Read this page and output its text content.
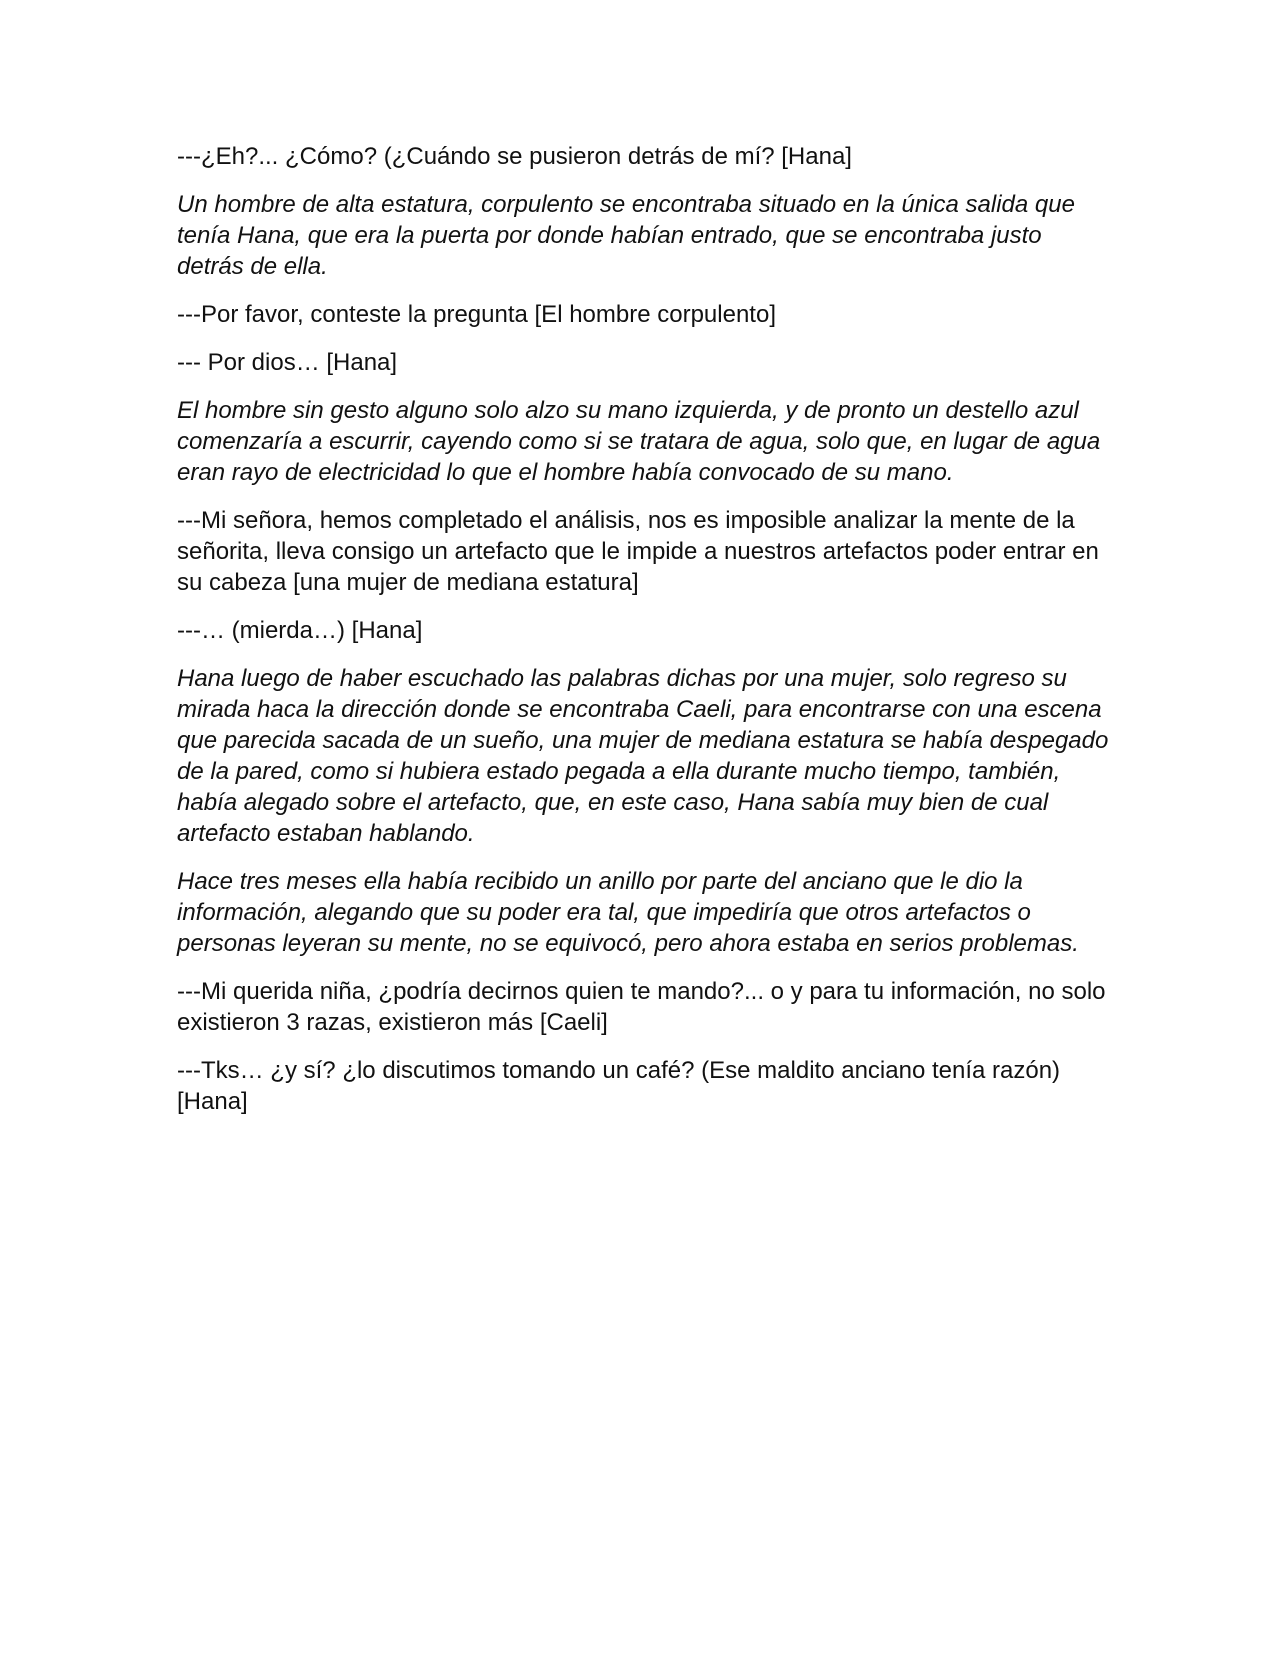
---¿Eh?... ¿Cómo? (¿Cuándo se pusieron detrás de mí? [Hana]

Un hombre de alta estatura, corpulento se encontraba situado en la única salida que tenía Hana, que era la puerta por donde habían entrado, que se encontraba justo detrás de ella.

---Por favor, conteste la pregunta [El hombre corpulento]

--- Por dios… [Hana]

El hombre sin gesto alguno solo alzo su mano izquierda, y de pronto un destello azul comenzaría a escurrir, cayendo como si se tratara de agua, solo que, en lugar de agua eran rayo de electricidad lo que el hombre había convocado de su mano.

---Mi señora, hemos completado el análisis, nos es imposible analizar la mente de la señorita, lleva consigo un artefacto que le impide a nuestros artefactos poder entrar en su cabeza [una mujer de mediana estatura]

---… (mierda…) [Hana]

Hana luego de haber escuchado las palabras dichas por una mujer, solo regreso su mirada haca la dirección donde se encontraba Caeli, para encontrarse con una escena que parecida sacada de un sueño, una mujer de mediana estatura se había despegado de la pared, como si hubiera estado pegada a ella durante mucho tiempo, también, había alegado sobre el artefacto, que, en este caso, Hana sabía muy bien de cual artefacto estaban hablando.

Hace tres meses ella había recibido un anillo por parte del anciano que le dio la información, alegando que su poder era tal, que impediría que otros artefactos o personas leyeran su mente, no se equivocó, pero ahora estaba en serios problemas.

---Mi querida niña, ¿podría decirnos quien te mando?... o y para tu información, no solo existieron 3 razas, existieron más [Caeli]

---Tks… ¿y sí? ¿lo discutimos tomando un café? (Ese maldito anciano tenía razón) [Hana]
